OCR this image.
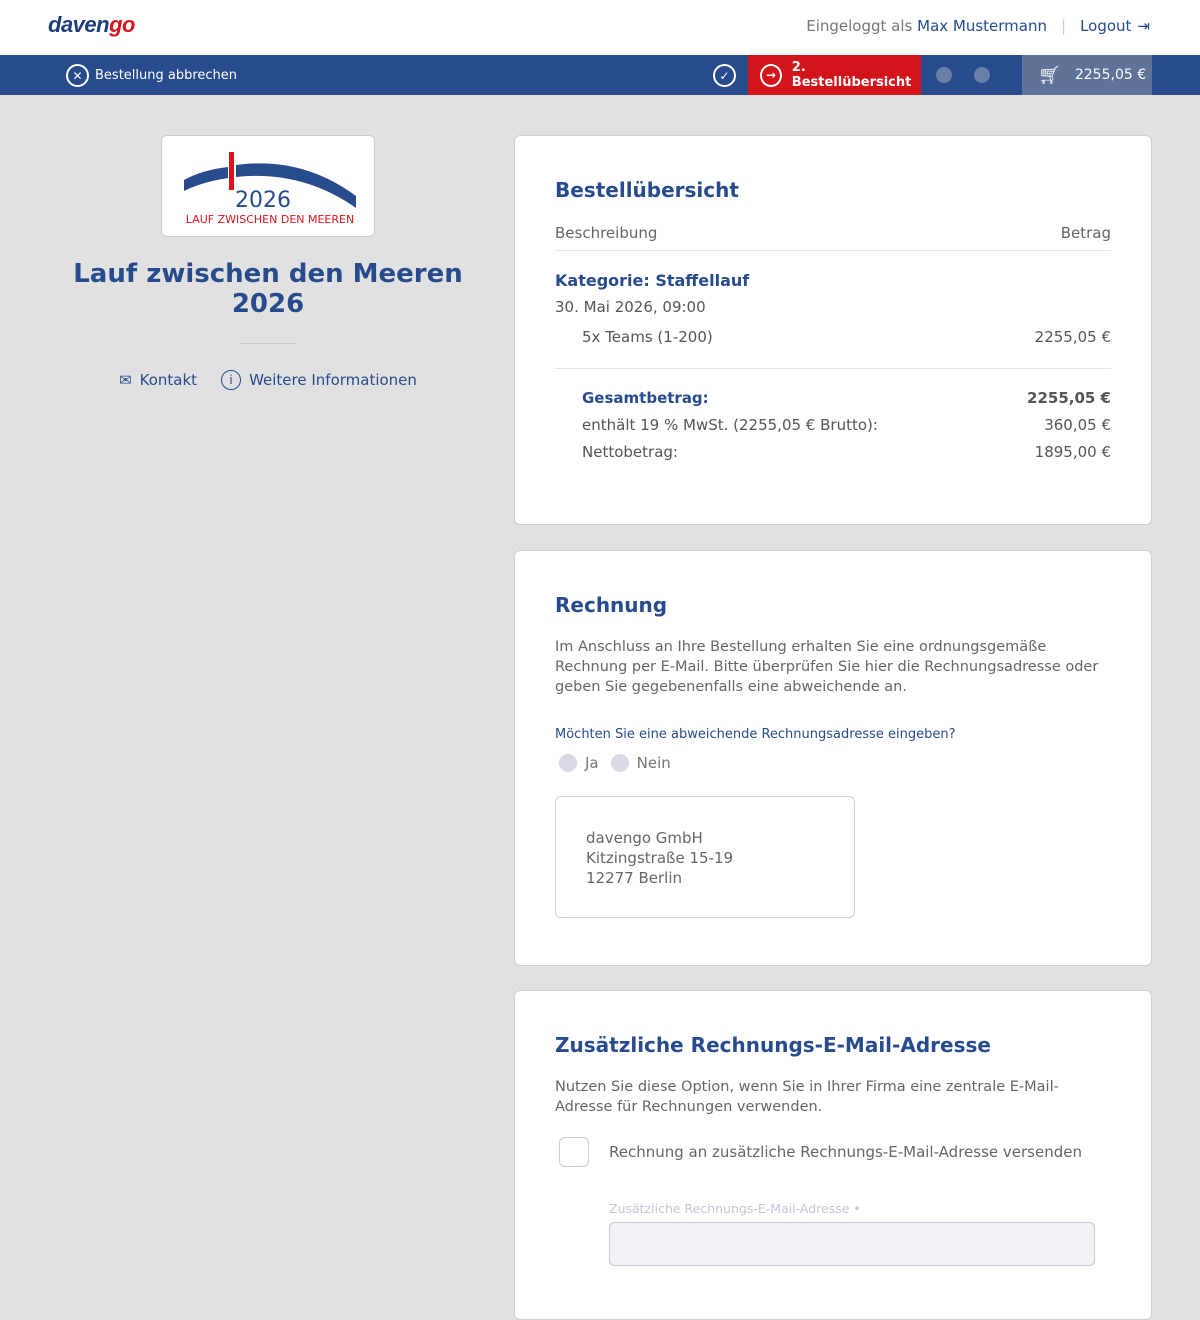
davengo	Eingeloggt als Max Mustermann | Logout ⇥
✕ Bestellung abbrechen	✓	→	2. Bestellübersicht	🛒︎ 2255,05 €
2026
LAUF ZWISCHEN DEN MEEREN
Lauf zwischen den Meeren 2026
✉ Kontakt	i	Weitere Informationen
Bestellübersicht
Beschreibung	Betrag
Kategorie: Staffellauf
30. Mai 2026, 09:00
5x Teams (1-200)	2255,05 €
Gesamtbetrag:	2255,05 €
enthält 19 % MwSt. (2255,05 € Brutto):	360,05 €
Nettobetrag:	1895,00 €
Rechnung

Im Anschluss an Ihre Bestellung erhalten Sie eine ordnungsgemäße Rechnung per E-Mail. Bitte überprüfen Sie hier die Rechnungsadresse oder geben Sie gegebenenfalls eine abweichende an.

Möchten Sie eine abweichende Rechnungsadresse eingeben?
Ja	Nein
davengo GmbH
Kitzingstraße 15-19
12277 Berlin
Zusätzliche Rechnungs-E-Mail-Adresse

Nutzen Sie diese Option, wenn Sie in Ihrer Firma eine zentrale E-Mail-Adresse für Rechnungen verwenden.

Rechnung an zusätzliche Rechnungs-E-Mail-Adresse versenden
Zusätzliche Rechnungs-E-Mail-Adresse •
